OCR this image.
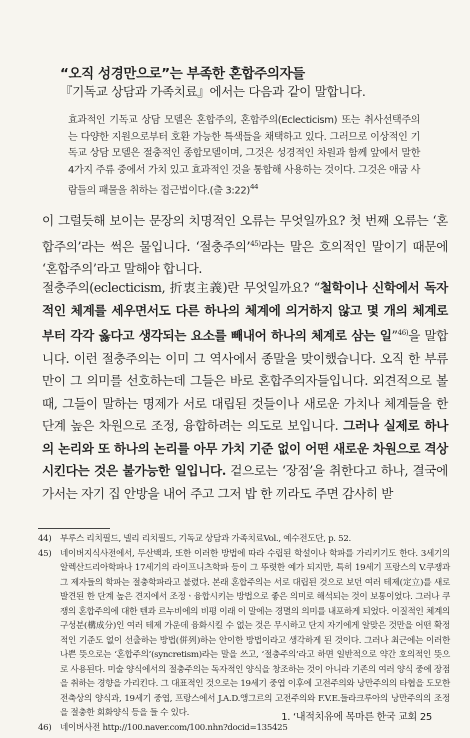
“오직 성경만으로”는 부족한 혼합주의자들

『기독교 상담과 가족치료』에서는 다음과 같이 말합니다.

효과적인 기독교 상담 모델은 혼합주의, 혼합주의(Eclecticism) 또는 취사선택주의는 다양한 지원으로부터 호환 가능한 특색들을 채택하고 있다. 그러므로 이상적인 기독교 상담 모델은 절충적인 종합모델이며, 그것은 성경적인 차원과 함께 앞에서 말한 4가지 주류 중에서 가치 있고 효과적인 것을 통합해 사용하는 것이다. 그것은 애굽 사람들의 패물을 취하는 접근법이다.(출 3:22)$^{44}$

이 그럴듯해 보이는 문장의 치명적인 오류는 무엇일까요? 첫 번째 오류는 ‘혼합주의’라는 썩은 물입니다. ‘절충주의’$^{45)}$라는 말은 호의적인 말이기 때문에 ‘혼합주의’라고 말해야 합니다.

절충주의(eclecticism, 折衷主義)란 무엇일까요? “철학이나 신학에서 독자적인 체계를 세우면서도 다른 하나의 체계에 의거하지 않고 몇 개의 체계로부터 각각 옳다고 생각되는 요소를 빼내어 하나의 체계로 삼는 일”$^{46)}$을 말합니다. 이런 절충주의는 이미 그 역사에서 종말을 맞이했습니다. 오직 한 부류만이 그 의미를 선호하는데 그들은 바로 혼합주의자들입니다. 외견적으로 볼 때, 그들이 말하는 명제가 서로 대립된 것들이나 새로운 가치나 체계들을 한 단계 높은 차원으로 조정, 융합하려는 의도로 보입니다. 그러나 실제로 하나의 논리와 또 하나의 논리를 아무 가치 기준 없이 어떤 새로운 차원으로 격상시킨다는 것은 불가능한 일입니다. 겉으로는 ‘장점’을 취한다고 하나, 결국에 가서는 자기 집 안방을 내어 주고 그저 밥 한 끼라도 주면 감사히 받

44)	부루스 리치필드, 넬리 리치필드, 기독교 상담과 가족치료Vol., 예수전도단, p. 52.

45)	네이버지식사전에서, 두산백과, 또한 이러한 방법에 따라 수립된 학설이나 학파를 가리키기도 한다. 3세기의 알렉산드리아학파나 17세기의 라이프니츠학파 등이 그 뚜렷한 예가 되지만, 특히 19세기 프랑스의 V.쿠쟁과 그 제자들의 학파는 절충학파라고 불렸다. 본래 혼합주의는 서로 대립된 것으로 보던 여러 테제(定立)를 새로 발견된 한 단계 높은 견지에서 조정ㆍ융합시키는 방법으로 좋은 의미로 해석되는 것이 보통이었다. 그러나 쿠쟁의 혼합주의에 대한 텐과 르누비에의 비평 이래 이 말에는 경멸의 의미를 내포하게 되었다. 이질적인 체계의 구성분(構成分)인 여러 테제 가운데 융화시킬 수 없는 것은 무시하고 단지 자기에게 알맞은 것만을 어떤 확정적인 기준도 없이 선출하는 방법(併列)하는 안이한 방법이라고 생각하게 된 것이다. 그러나 최근에는 이러한 나쁜 뜻으로는 ‘혼합주의’(syncretism)라는 말을 쓰고, ‘절충주의’라고 하면 일반적으로 약간 호의적인 뜻으로 사용된다. 미술 양식에서의 절충주의는 독자적인 양식을 창조하는 것이 아니라 기존의 여러 양식 중에 장점을 취하는 경향을 가리킨다. 그 대표적인 것으로는 19세기 중엽 이후에 고전주의와 낭만주의의 타협을 도모한 전축상의 양식과, 19세기 중엽, 프랑스에서 J.A.D.앵그르의 고전주의와 F.V.E.들라크루아의 낭만주의의 조정을 절충한 회화양식 등을 들 수 있다.

46)	네이버사전 http://100.naver.com/100.nhn?docid=135425

1. ‘내적치유에 목마른 한국 교회 25
